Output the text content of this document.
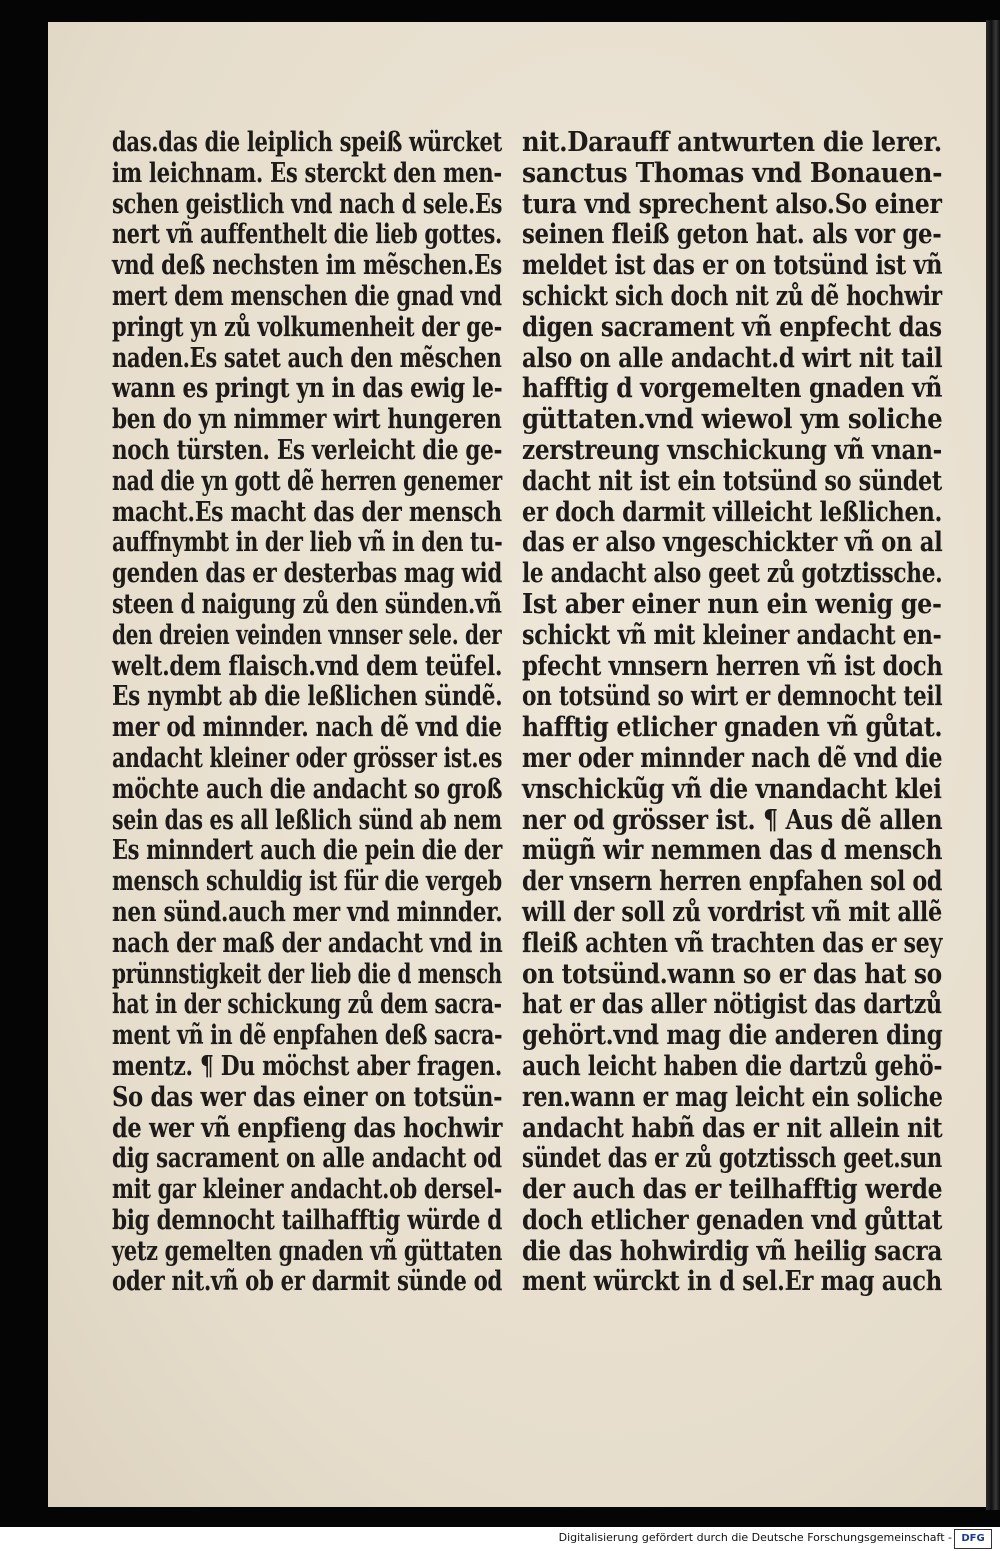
das.das die leiplich speiß würcket
im leichnam. Es sterckt den men-
schen geistlich vnd nach d sele.Es
nert vñ auffenthelt die lieb gottes.
vnd deß nechsten im mẽschen.Es
mert dem menschen die gnad vnd
pringt yn zů volkumenheit der ge-
naden.Es satet auch den mẽschen
wann es pringt yn in das ewig le-
ben do yn nimmer wirt hungeren
noch türsten. Es verleicht die ge-
nad die yn gott dẽ herren genemer
macht.Es macht das der mensch
auffnymbt in der lieb vñ in den tu-
genden das er desterbas mag wid
steen d naigung zů den sünden.vñ
den dreien veinden vnnser sele. der
welt.dem flaisch.vnd dem teüfel.
Es nymbt ab die leßlichen sündẽ.
mer od minnder. nach dẽ vnd die
andacht kleiner oder grösser ist.es
möchte auch die andacht so groß
sein das es all leßlich sünd ab nem
Es minndert auch die pein die der
mensch schuldig ist für die vergeb
nen sünd.auch mer vnd minnder.
nach der maß der andacht vnd in
prünnstigkeit der lieb die d mensch
hat in der schickung zů dem sacra-
ment vñ in dẽ enpfahen deß sacra-
mentz. ¶ Du möchst aber fragen.
So das wer das einer on totsün-
de wer vñ enpfieng das hochwir
dig sacrament on alle andacht od
mit gar kleiner andacht.ob dersel-
big demnocht tailhafftig würde d
yetz gemelten gnaden vñ güttaten
oder nit.vñ ob er darmit sünde od
nit.Darauff antwurten die lerer.
sanctus Thomas vnd Bonauen-
tura vnd sprechent also.So einer
seinen fleiß geton hat. als vor ge-
meldet ist das er on totsünd ist vñ
schickt sich doch nit zů dẽ hochwir
digen sacrament vñ enpfecht das
also on alle andacht.d wirt nit tail
hafftig d vorgemelten gnaden vñ
güttaten.vnd wiewol ym soliche
zerstreung vnschickung vñ vnan-
dacht nit ist ein totsünd so sündet
er doch darmit villeicht leßlichen.
das er also vngeschickter vñ on al
le andacht also geet zů gotztissche.
Ist aber einer nun ein wenig ge-
schickt vñ mit kleiner andacht en-
pfecht vnnsern herren vñ ist doch
on totsünd so wirt er demnocht teil
hafftig etlicher gnaden vñ gůtat.
mer oder minnder nach dẽ vnd die
vnschickũg vñ die vnandacht klei
ner od grösser ist. ¶ Aus dẽ allen
mügñ wir nemmen das d mensch
der vnsern herren enpfahen sol od
will der soll zů vordrist vñ mit allẽ
fleiß achten vñ trachten das er sey
on totsünd.wann so er das hat so
hat er das aller nötigist das dartzů
gehört.vnd mag die anderen ding
auch leicht haben die dartzů gehö-
ren.wann er mag leicht ein soliche
andacht habñ das er nit allein nit
sündet das er zů gotztissch geet.sun
der auch das er teilhafftig werde
doch etlicher genaden vnd gůttat
die das hohwirdig vñ heilig sacra
ment würckt in d sel.Er mag auch
Digitalisierung gefördert durch die Deutsche Forschungsgemeinschaft - DFG
